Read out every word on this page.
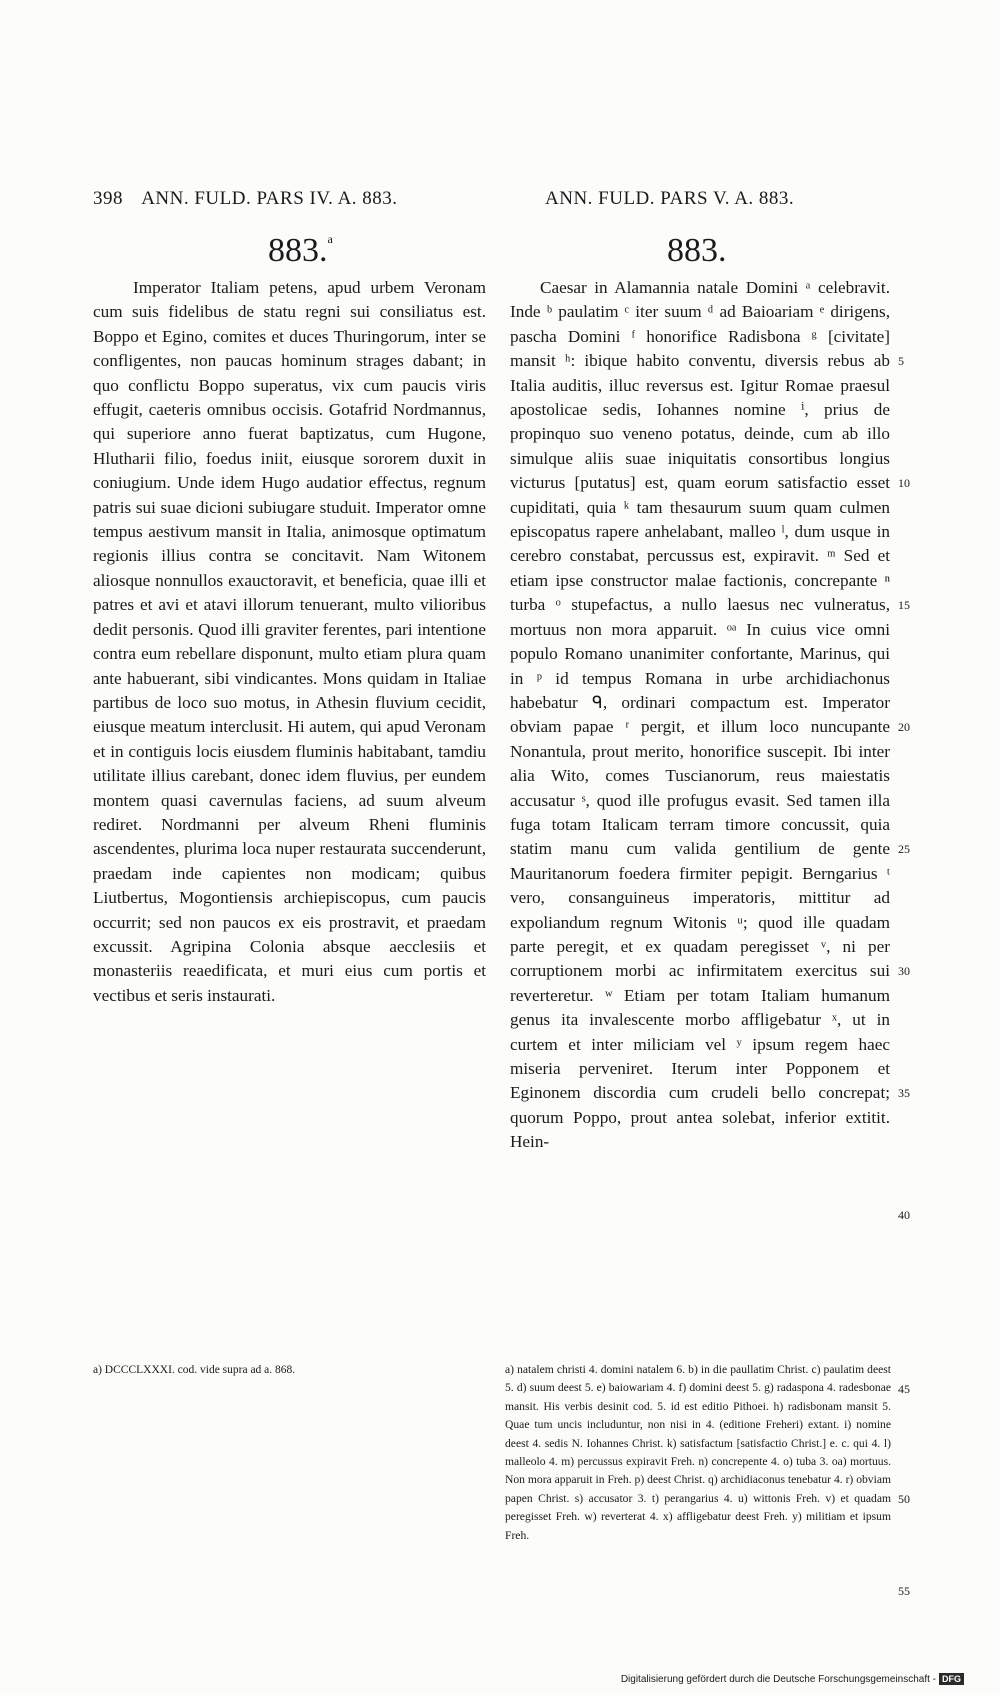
398 ANN. FULD. PARS IV. A. 883.	ANN. FULD. PARS V. A. 883.
883.$^a$	883.
Imperator Italiam petens, apud urbem Veronam cum suis fidelibus de statu regni sui consiliatus est. Boppo et Egino, comites et duces Thuringorum, inter se confligentes, non paucas hominum strages dabant; in quo conflictu Boppo superatus, vix cum paucis viris effugit, caeteris omnibus occisis. Gotafrid Nordmannus, qui superiore anno fuerat baptizatus, cum Hugone, Hlutharii filio, foedus iniit, eiusque sororem duxit in coniugium. Unde idem Hugo audatior effectus, regnum patris sui suae dicioni subiugare studuit. Imperator omne tempus aestivum mansit in Italia, animosque optimatum regionis illius contra se concitavit. Nam Witonem aliosque nonnullos exauctoravit, et beneficia, quae illi et patres et avi et atavi illorum tenuerant, multo vilioribus dedit personis. Quod illi graviter ferentes, pari intentione contra eum rebellare disponunt, multo etiam plura quam ante habuerant, sibi vindicantes. Mons quidam in Italiae partibus de loco suo motus, in Athesin fluvium cecidit, eiusque meatum interclusit. Hi autem, qui apud Veronam et in contiguis locis eiusdem fluminis habitabant, tamdiu utilitate illius carebant, donec idem fluvius, per eundem montem quasi cavernulas faciens, ad suum alveum rediret. Nordmanni per alveum Rheni fluminis ascendentes, plurima loca nuper restaurata succenderunt, praedam inde capientes non modicam; quibus Liutbertus, Mogontiensis archiepiscopus, cum paucis occurrit; sed non paucos ex eis prostravit, et praedam excussit. Agripina Colonia absque aecclesiis et monasteriis reaedificata, et muri eius cum portis et vectibus et seris instaurati.
Caesar in Alamannia natale Domini ᵃ celebravit. Inde ᵇ paulatim ᶜ iter suum ᵈ ad Baioariam ᵉ dirigens, pascha Domini ᶠ honorifice Radisbona ᵍ [civitate] mansit ʰ: ibique habito conventu, diversis rebus ab Italia auditis, illuc reversus est. Igitur Romae praesul apostolicae sedis, Iohannes nomine ⁱ, prius de propinquo suo veneno potatus, deinde, cum ab illo simulque aliis suae iniquitatis consortibus longius victurus [putatus] est, quam eorum satisfactio esset cupiditati, quia ᵏ tam thesaurum suum quam culmen episcopatus rapere anhelabant, malleo ˡ, dum usque in cerebro constabat, percussus est, expiravit. ᵐ Sed et etiam ipse constructor malae factionis, concrepante ⁿ turba ᵒ stupefactus, a nullo laesus nec vulneratus, mortuus non mora apparuit. ᵒᵃ In cuius vice omni populo Romano unanimiter confortante, Marinus, qui in ᵖ id tempus Romana in urbe archidiachonus habebatur ᑫ, ordinari compactum est. Imperator obviam papae ʳ pergit, et illum loco nuncupante Nonantula, prout merito, honorifice suscepit. Ibi inter alia Wito, comes Tuscianorum, reus maiestatis accusatur ˢ, quod ille profugus evasit. Sed tamen illa fuga totam Italicam terram timore concussit, quia statim manu cum valida gentilium de gente Mauritanorum foedera firmiter pepigit. Berngarius ᵗ vero, consanguineus imperatoris, mittitur ad expoliandum regnum Witonis ᵘ; quod ille quadam parte peregit, et ex quadam peregisset ᵛ, ni per corruptionem morbi ac infirmitatem exercitus sui reverteretur. ʷ Etiam per totam Italiam humanum genus ita invalescente morbo affligebatur ˣ, ut in curtem et inter miliciam vel ʸ ipsum regem haec miseria perveniret. Iterum inter Popponem et Eginonem discordia cum crudeli bello concrepat; quorum Poppo, prout antea solebat, inferior extitit. Hein-
5
10
15
20
25
30
35
40
a) DCCCLXXXI. cod. vide supra ad a. 868.	a) natalem christi 4. domini natalem 6. b) in die paullatim Christ. c) paulatim deest 5. d) suum deest 5. e) baiowariam 4. f) domini deest 5. g) radaspona 4. radesbonae mansit. His verbis desinit cod. 5. id est editio Pithoei. h) radisbonam mansit 5. Quae tum uncis includuntur, non nisi in 4. (editione Freheri) extant. i) nomine deest 4. sedis N. Iohannes Christ. k) satisfactum [satisfactio Christ.] e. c. qui 4. l) malleolo 4. m) percussus expiravit Freh. n) concrepente 4. o) tuba 3. oa) mortuus. Non mora apparuit in Freh. p) deest Christ. q) archidiaconus tenebatur 4. r) obviam papen Christ. s) accusator 3. t) perangarius 4. u) wittonis Freh. v) et quadam peregisset Freh. w) reverterat 4. x) affligebatur deest Freh. y) militiam et ipsum Freh.
45
50
55
Digitalisierung gefördert durch die Deutsche Forschungsgemeinschaft - DFG
